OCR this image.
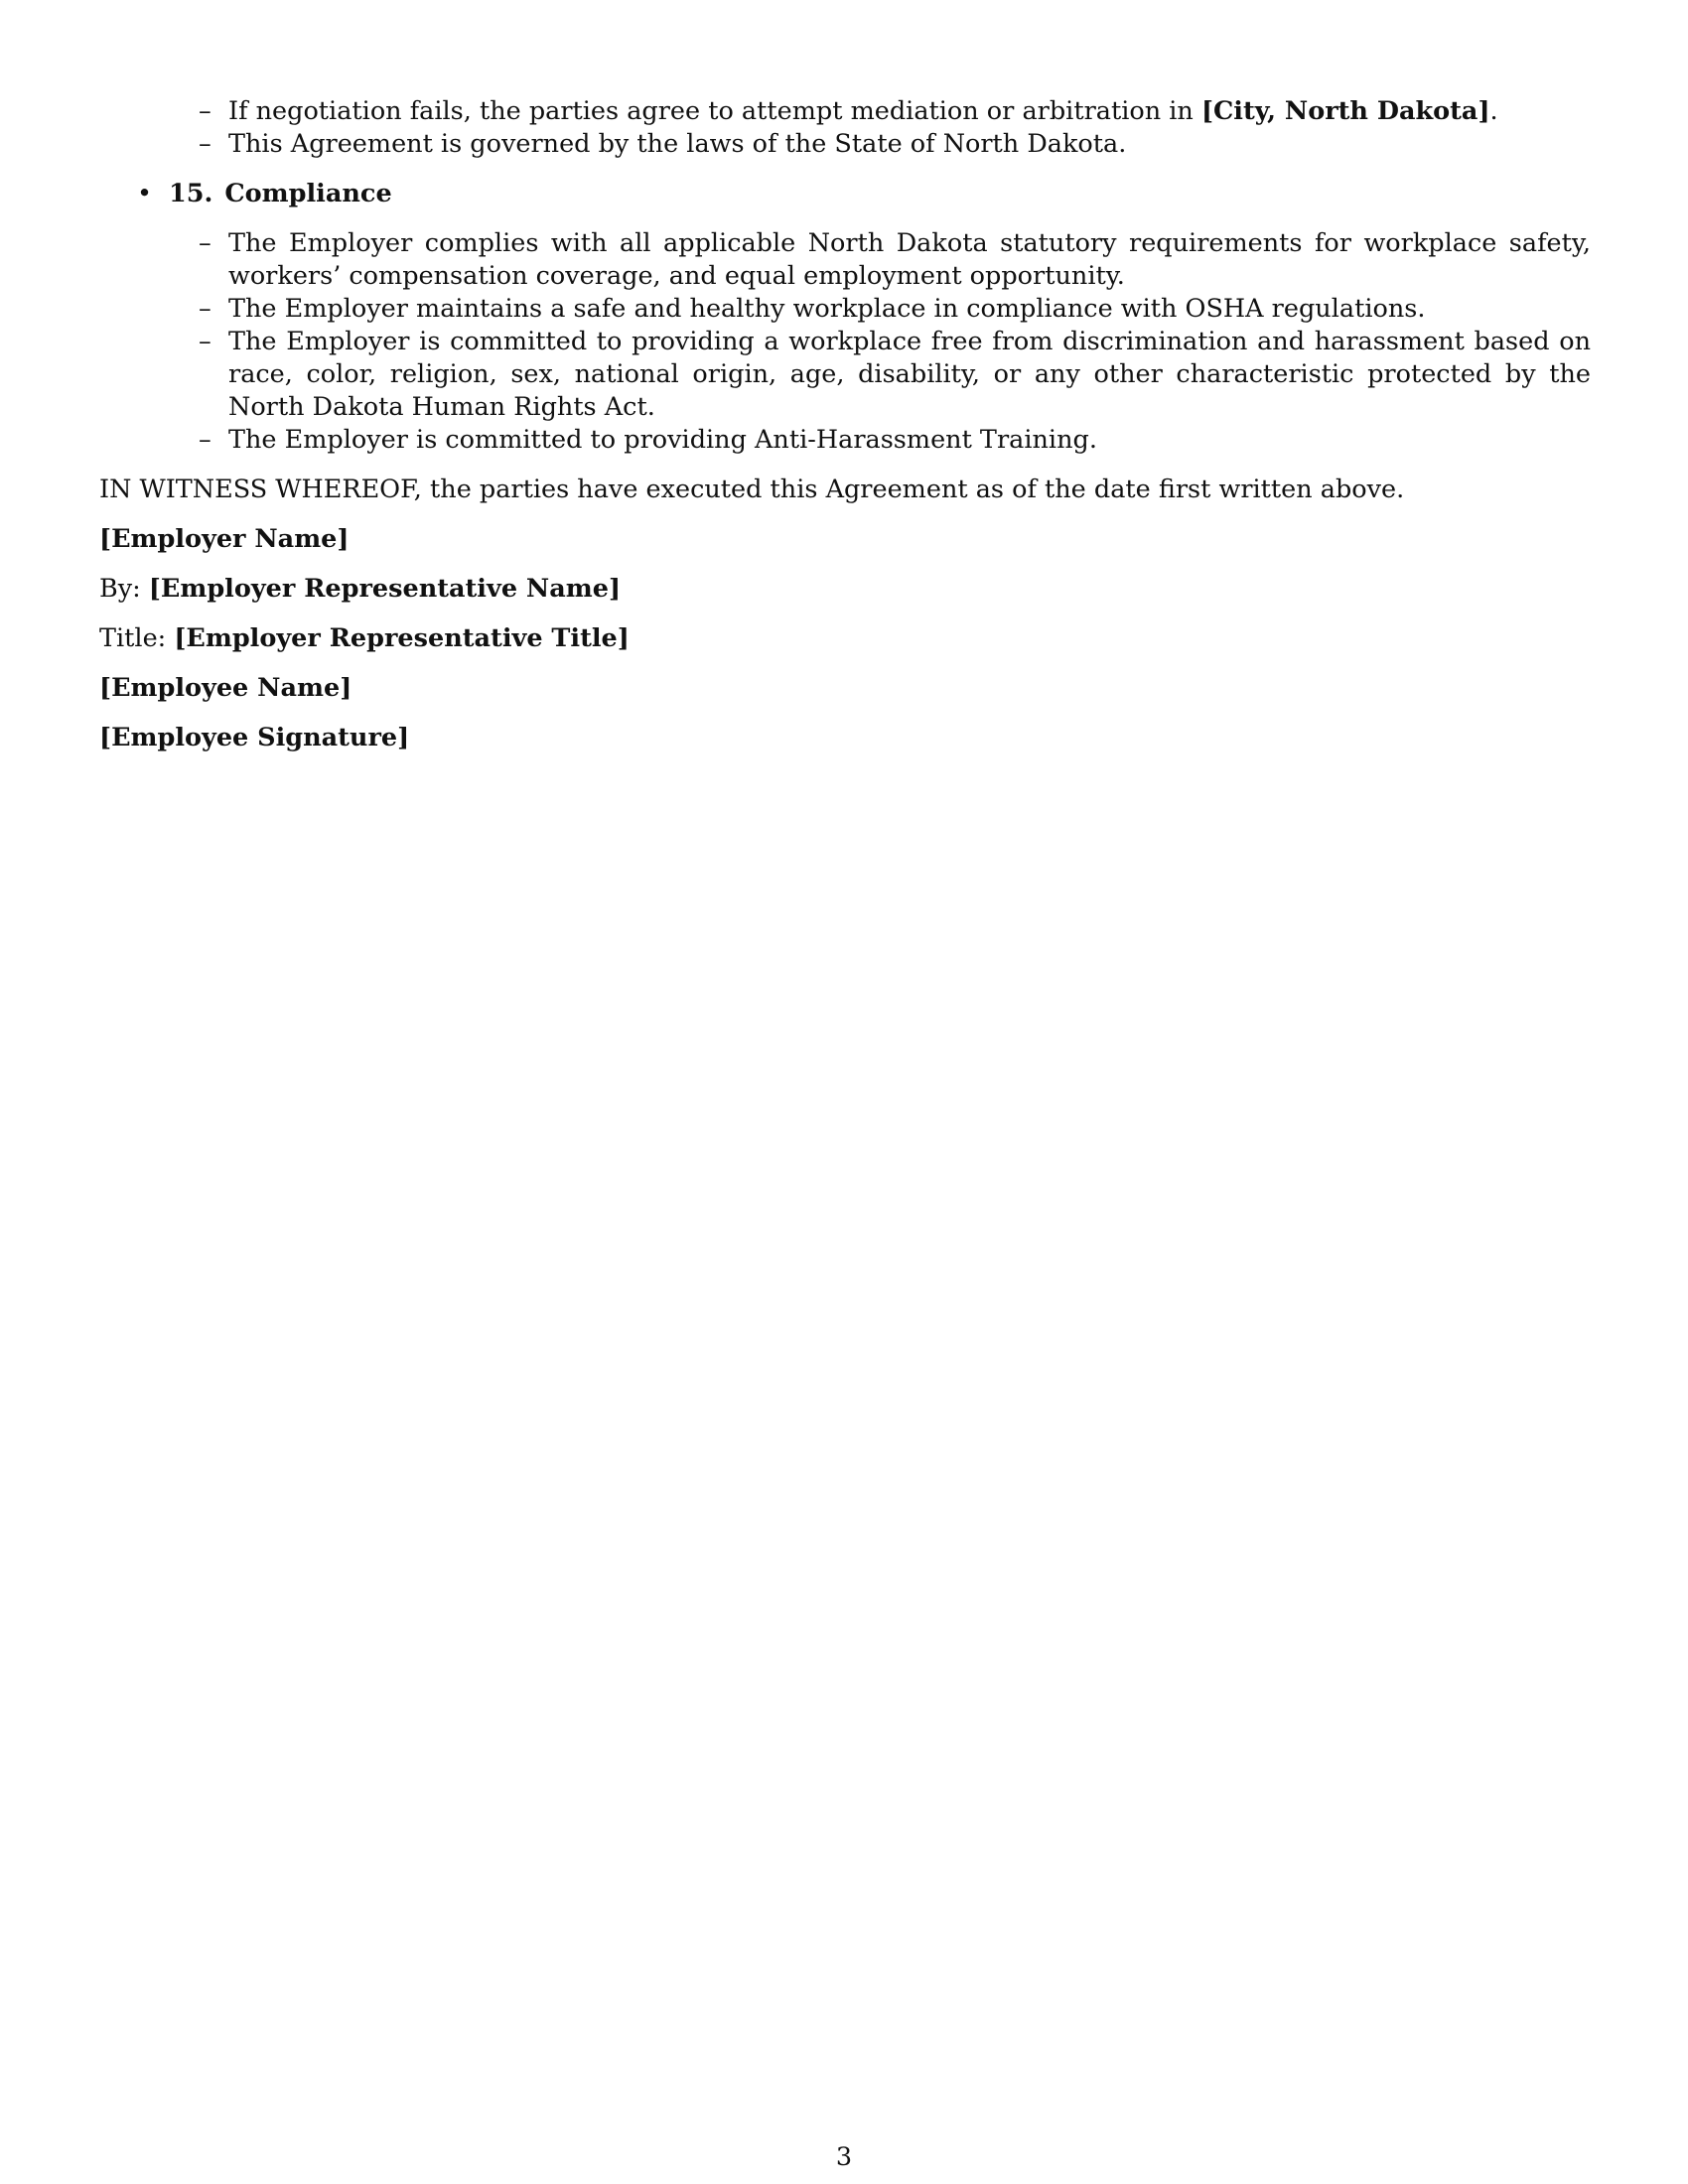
– If negotiation fails, the parties agree to attempt mediation or arbitration in [City, North Dakota].
– This Agreement is governed by the laws of the State of North Dakota.
• 15. Compliance
– The Employer complies with all applicable North Dakota statutory requirements for workplace safety, workers’ compensation coverage, and equal employment opportunity.
– The Employer maintains a safe and healthy workplace in compliance with OSHA regulations.
– The Employer is committed to providing a workplace free from discrimination and harassment based on race, color, religion, sex, national origin, age, disability, or any other characteristic protected by the North Dakota Human Rights Act.
– The Employer is committed to providing Anti-Harassment Training.

IN WITNESS WHEREOF, the parties have executed this Agreement as of the date first written above.

[Employer Name]

By: [Employer Representative Name]

Title: [Employer Representative Title]

[Employee Name]

[Employee Signature]

3
